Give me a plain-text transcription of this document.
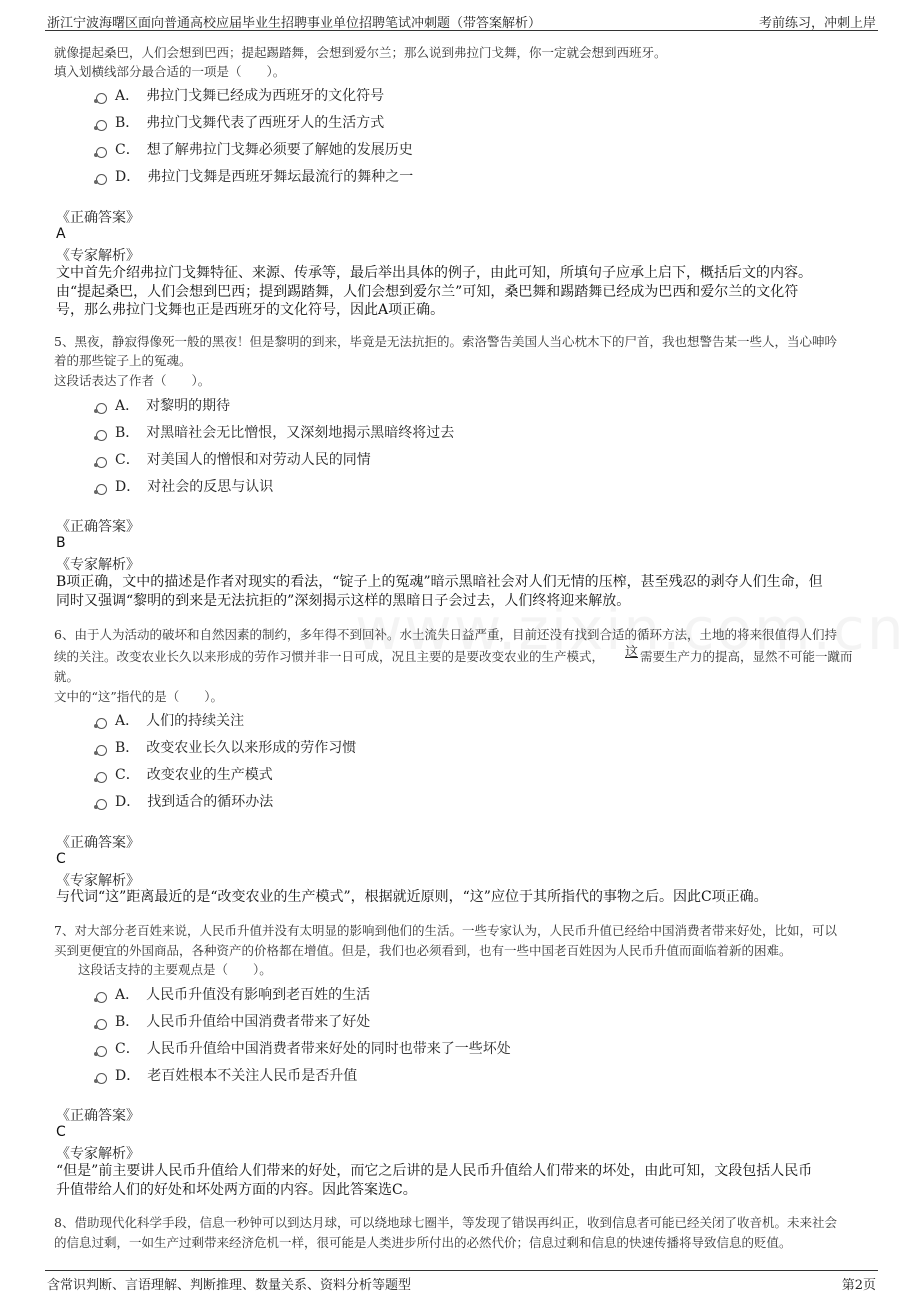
浙江宁波海曙区面向普通高校应届毕业生招聘事业单位招聘笔试冲刺题（带答案解析）	考前练习，冲刺上岸
就像提起桑巴，人们会想到巴西；提起踢踏舞，会想到爱尔兰；那么说到弗拉门戈舞，你一定就会想到西班牙。
填入划横线部分最合适的一项是（　　）。
A．　弗拉门戈舞已经成为西班牙的文化符号
B．　弗拉门戈舞代表了西班牙人的生活方式
C．　想了解弗拉门戈舞必须要了解她的发展历史
D．　弗拉门戈舞是西班牙舞坛最流行的舞种之一
《正确答案》
A
《专家解析》
文中首先介绍弗拉门戈舞特征、来源、传承等，最后举出具体的例子，由此可知，所填句子应承上启下，概括后文的内容。
由“提起桑巴，人们会想到巴西；提到踢踏舞，人们会想到爱尔兰”可知，桑巴舞和踢踏舞已经成为巴西和爱尔兰的文化符
号，那么弗拉门戈舞也正是西班牙的文化符号，因此A项正确。
5、黑夜，静寂得像死一般的黑夜！但是黎明的到来，毕竟是无法抗拒的。索洛警告美国人当心枕木下的尸首，我也想警告某一些人，当心呻吟
着的那些锭子上的冤魂。
这段话表达了作者（　　）。
A．　对黎明的期待
B．　对黑暗社会无比憎恨，又深刻地揭示黑暗终将过去
C．　对美国人的憎恨和对劳动人民的同情
D．　对社会的反思与认识
《正确答案》
B
《专家解析》
B项正确，文中的描述是作者对现实的看法，“锭子上的冤魂”暗示黑暗社会对人们无情的压榨，甚至残忍的剥夺人们生命，但
同时又强调“黎明的到来是无法抗拒的”深刻揭示这样的黑暗日子会过去，人们终将迎来解放。
6、由于人为活动的破坏和自然因素的制约，多年得不到回补。水土流失日益严重，目前还没有找到合适的循环方法，土地的将来很值得人们持
续的关注。改变农业长久以来形成的劳作习惯并非一日可成，况且主要的是要改变农业的生产模式， 这 需要生产力的提高，显然不可能一蹴而
就。
文中的“这”指代的是（　　）。
A．　人们的持续关注
B．　改变农业长久以来形成的劳作习惯
C．　改变农业的生产模式
D．　找到适合的循环办法
《正确答案》
C
《专家解析》
与代词“这”距离最近的是“改变农业的生产模式”，根据就近原则，“这”应位于其所指代的事物之后。因此C项正确。
7、对大部分老百姓来说，人民币升值并没有太明显的影响到他们的生活。一些专家认为，人民币升值已经给中国消费者带来好处，比如，可以
买到更便宜的外国商品，各种资产的价格都在增值。但是，我们也必须看到，也有一些中国老百姓因为人民币升值而面临着新的困难。
这段话支持的主要观点是（　　）。
A．　人民币升值没有影响到老百姓的生活
B．　人民币升值给中国消费者带来了好处
C．　人民币升值给中国消费者带来好处的同时也带来了一些坏处
D．　老百姓根本不关注人民币是否升值
《正确答案》
C
《专家解析》
“但是”前主要讲人民币升值给人们带来的好处，而它之后讲的是人民币升值给人们带来的坏处，由此可知，文段包括人民币
升值带给人们的好处和坏处两方面的内容。因此答案选C。
8、借助现代化科学手段，信息一秒钟可以到达月球，可以绕地球七圈半，等发现了错误再纠正，收到信息者可能已经关闭了收音机。未来社会
的信息过剩，一如生产过剩带来经济危机一样，很可能是人类进步所付出的必然代价；信息过剩和信息的快速传播将导致信息的贬值。
含常识判断、言语理解、判断推理、数量关系、资料分析等题型	第2页
